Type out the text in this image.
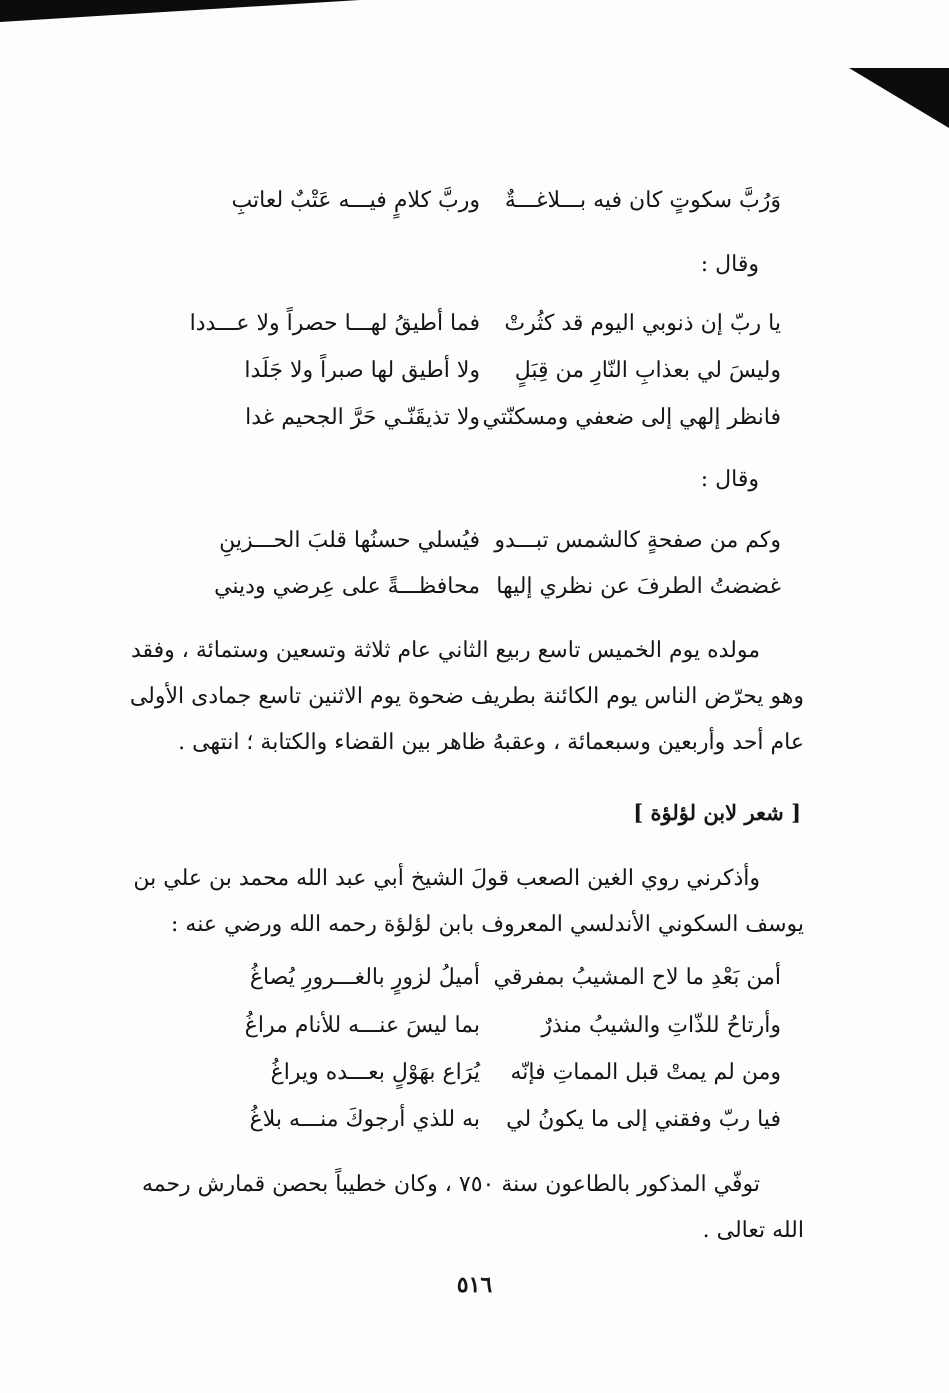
وَرُبَّ سكوتٍ كان فيه بـــلاغـــةٌ
وربَّ كلامٍ فيـــه عَتْبٌ لعاتبِ
وقال :
يا ربّ إن ذنوبي اليوم قد كثُرتْ
فما أطيقُ لهـــا حصراً ولا عـــددا
وليسَ لي بعذابِ النّارِ من قِبَلٍ
ولا أطيق لها صبراً ولا جَلَدا
فانظر إلهي إلى ضعفي ومسكنّتي
ولا تذيقَنّـي حَرَّ الجحيم غدا
وقال :
وكم من صفحةٍ كالشمس تبـــدو
فيُسلي حسنُها قلبَ الحـــزينِ
غضضتُ الطرفَ عن نظري إليها
محافظـــةً على عِرضي وديني
مولده يوم الخميس تاسع ربيع الثاني عام ثلاثة وتسعين وستمائة ، وفقد
وهو يحرّض الناس يوم الكائنة بطريف ضحوة يوم الاثنين تاسع جمادى الأولى
عام أحد وأربعين وسبعمائة ، وعقبهُ ظاهر بين القضاء والكتابة ؛ انتهى .
[ شعر لابن لؤلؤة ]
وأذكرني روي الغين الصعب قولَ الشيخ أبي عبد الله محمد بن علي بن
يوسف السكوني الأندلسي المعروف بابن لؤلؤة رحمه الله ورضي عنه :
أمن بَعْدِ ما لاح المشيبُ بمفرقي
أميلُ لزورٍ بالغـــرورِ يُصاغُ
وأرتاحُ للذّاتِ والشيبُ منذرٌ
بما ليسَ عنـــه للأنام مراغُ
ومن لم يمتْ قبل المماتِ فإنّه
يُرَاع بهَوْلٍ بعـــده ويراغُ
فيا ربّ وفقني إلى ما يكونُ لي
به للذي أرجوكَ منـــه بلاغُ
توفّي المذكور بالطاعون سنة ٧٥٠ ، وكان خطيباً بحصن قمارش رحمه
الله تعالى .
٥١٦
